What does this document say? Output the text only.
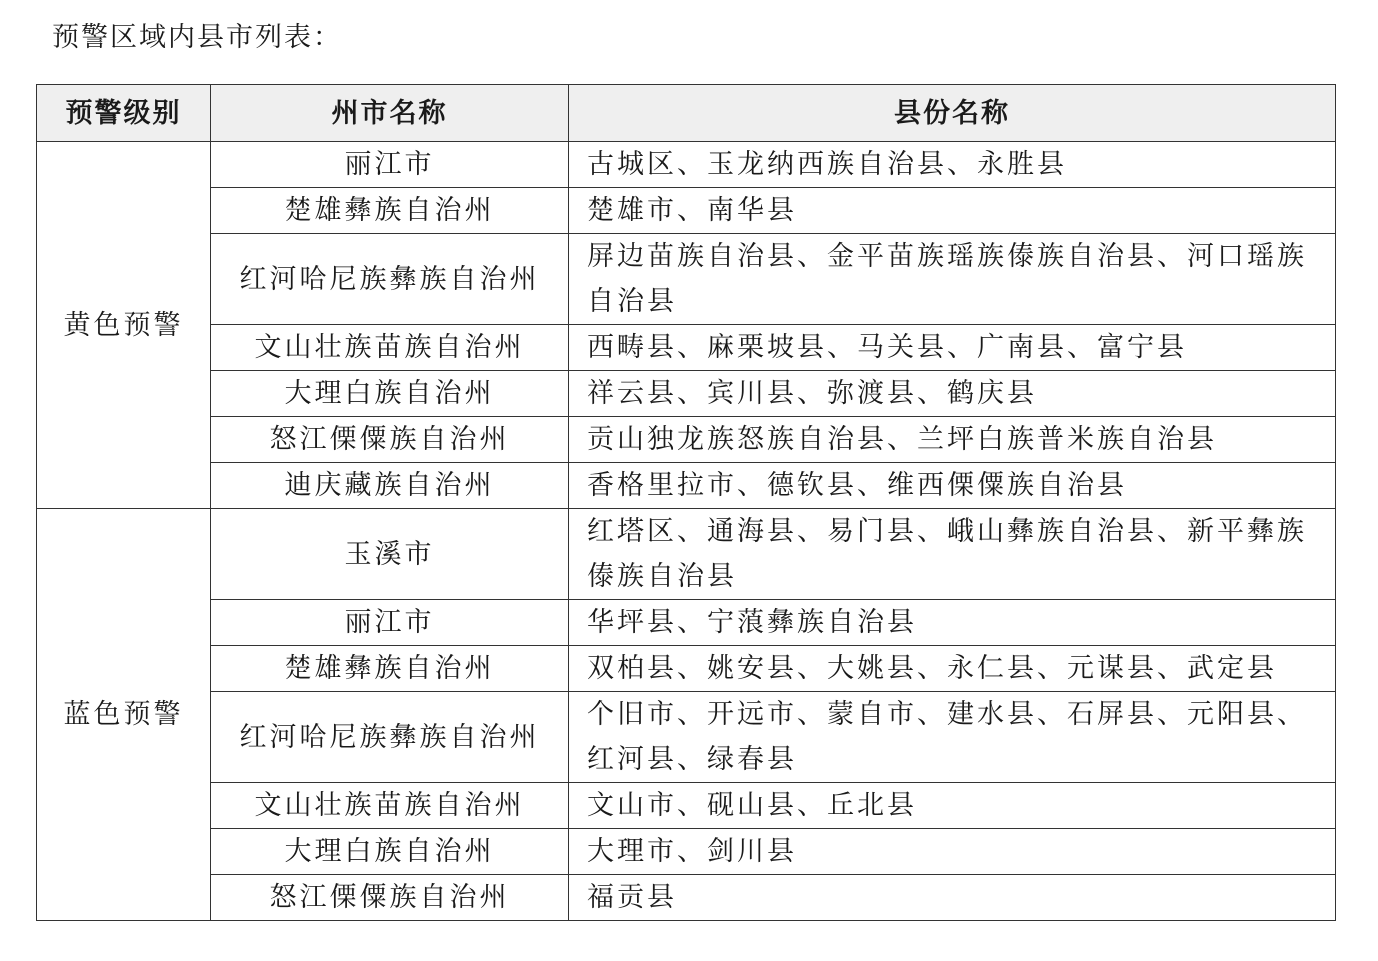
预警区域内县市列表：
预警级别	州市名称	县份名称
黄色预警	丽江市	古城区、玉龙纳西族自治县、永胜县
	楚雄彝族自治州	楚雄市、南华县
	红河哈尼族彝族自治州	屏边苗族自治县、金平苗族瑶族傣族自治县、河口瑶族自治县
	文山壮族苗族自治州	西畴县、麻栗坡县、马关县、广南县、富宁县
	大理白族自治州	祥云县、宾川县、弥渡县、鹤庆县
	怒江傈僳族自治州	贡山独龙族怒族自治县、兰坪白族普米族自治县
	迪庆藏族自治州	香格里拉市、德钦县、维西傈僳族自治县
蓝色预警	玉溪市	红塔区、通海县、易门县、峨山彝族自治县、新平彝族傣族自治县
	丽江市	华坪县、宁蒗彝族自治县
	楚雄彝族自治州	双柏县、姚安县、大姚县、永仁县、元谋县、武定县
	红河哈尼族彝族自治州	个旧市、开远市、蒙自市、建水县、石屏县、元阳县、红河县、绿春县
	文山壮族苗族自治州	文山市、砚山县、丘北县
	大理白族自治州	大理市、剑川县
	怒江傈僳族自治州	福贡县
